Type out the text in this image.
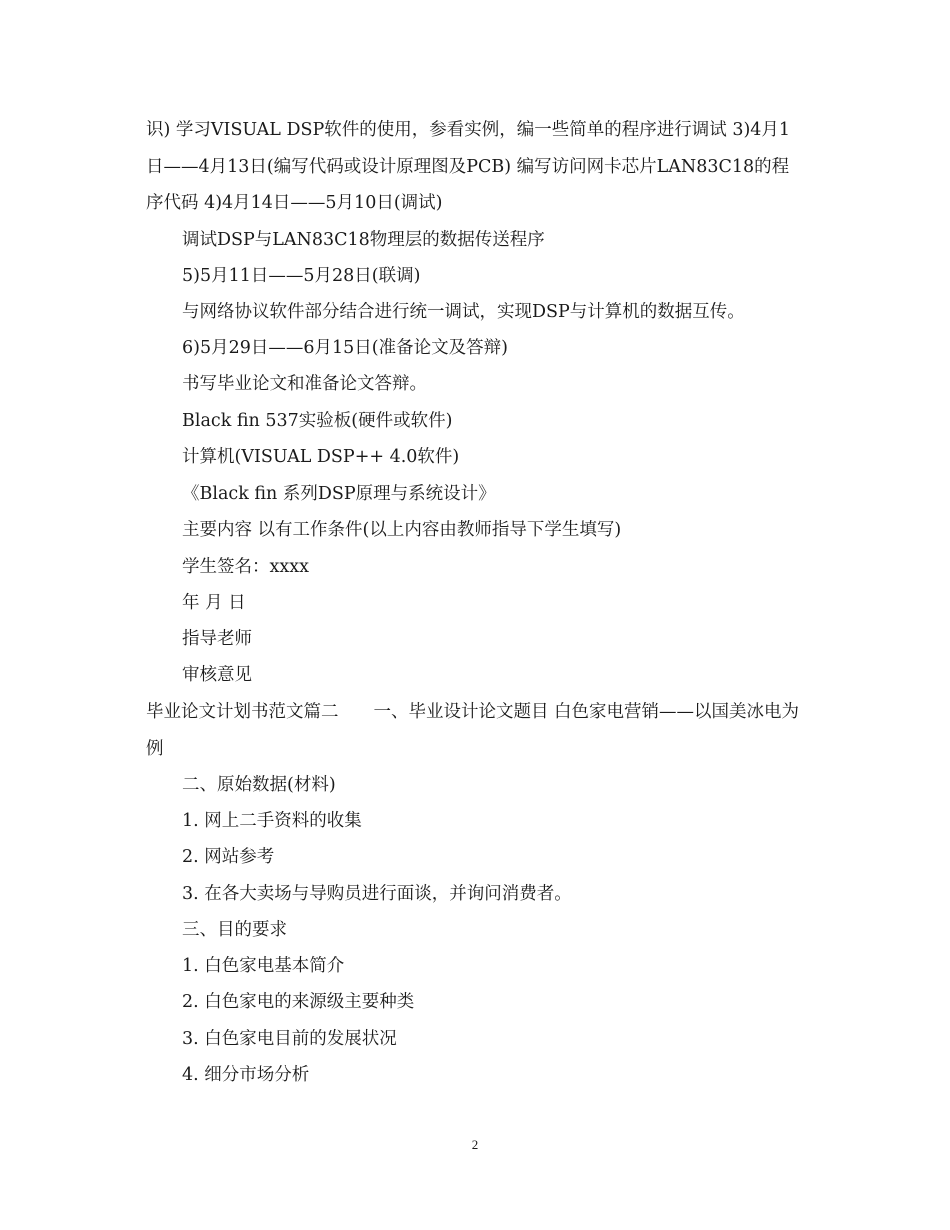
识) 学习VISUAL DSP软件的使用，参看实例，编一些简单的程序进行调试 3)4月1日——4月13日(编写代码或设计原理图及PCB) 编写访问网卡芯片LAN83C18的程序代码 4)4月14日——5月10日(调试)

调试DSP与LAN83C18物理层的数据传送程序

5)5月11日——5月28日(联调)

与网络协议软件部分结合进行统一调试，实现DSP与计算机的数据互传。

6)5月29日——6月15日(准备论文及答辩)

书写毕业论文和准备论文答辩。

Black fin 537实验板(硬件或软件)

计算机(VISUAL DSP++ 4.0软件)

《Black fin 系列DSP原理与系统设计》

主要内容 以有工作条件(以上内容由教师指导下学生填写)

学生签名：xxxx

年 月 日

指导老师

审核意见

毕业论文计划书范文篇二　　一、毕业设计论文题目 白色家电营销——以国美冰电为例

二、原始数据(材料)

1. 网上二手资料的收集

2. 网站参考

3. 在各大卖场与导购员进行面谈，并询问消费者。

三、目的要求

1. 白色家电基本简介

2. 白色家电的来源级主要种类

3. 白色家电目前的发展状况

4. 细分市场分析

2
